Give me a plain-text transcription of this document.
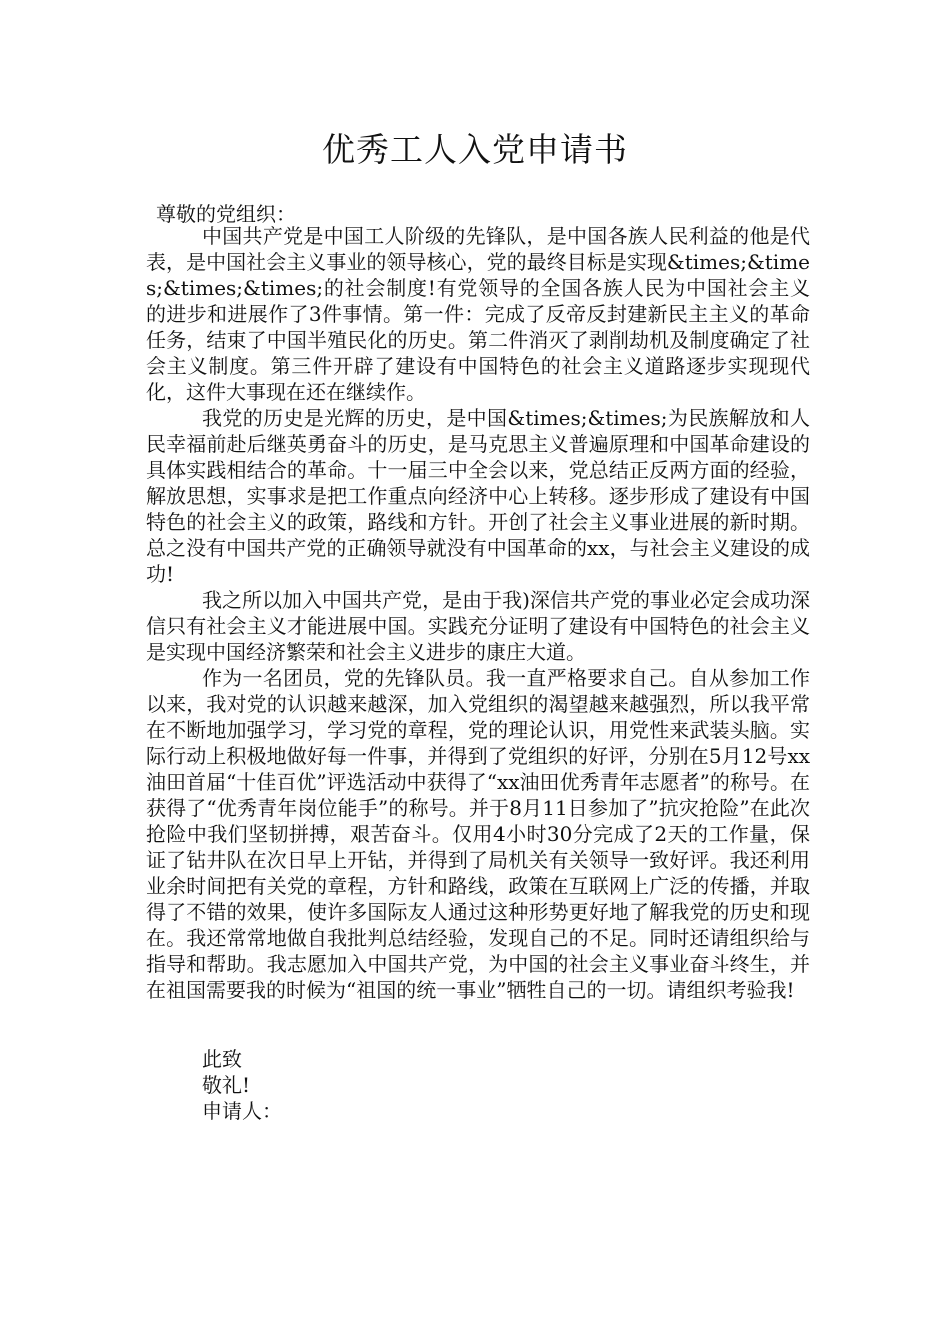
优秀工人入党申请书
尊敬的党组织：

中国共产党是中国工人阶级的先锋队，是中国各族人民利益的他是代表，是中国社会主义事业的领导核心，党的最终目标是实现&times;&times;&times;&times;的社会制度!有党领导的全国各族人民为中国社会主义的进步和进展作了3件事情。第一件：完成了反帝反封建新民主主义的革命任务，结束了中国半殖民化的历史。第二件消灭了剥削劫机及制度确定了社会主义制度。第三件开辟了建设有中国特色的社会主义道路逐步实现现代化，这件大事现在还在继续作。

我党的历史是光辉的历史，是中国&times;&times;为民族解放和人民幸福前赴后继英勇奋斗的历史，是马克思主义普遍原理和中国革命建设的具体实践相结合的革命。十一届三中全会以来，党总结正反两方面的经验，解放思想，实事求是把工作重点向经济中心上转移。逐步形成了建设有中国特色的社会主义的政策，路线和方针。开创了社会主义事业进展的新时期。总之没有中国共产党的正确领导就没有中国革命的xx，与社会主义建设的成功!

我之所以加入中国共产党，是由于我)深信共产党的事业必定会成功深信只有社会主义才能进展中国。实践充分证明了建设有中国特色的社会主义是实现中国经济繁荣和社会主义进步的康庄大道。

作为一名团员，党的先锋队员。我一直严格要求自己。自从参加工作以来，我对党的认识越来越深，加入党组织的渴望越来越强烈，所以我平常在不断地加强学习，学习党的章程，党的理论认识，用党性来武装头脑。实际行动上积极地做好每一件事，并得到了党组织的好评，分别在5月12号xx油田首届“十佳百优”评选活动中获得了“xx油田优秀青年志愿者”的称号。在获得了“优秀青年岗位能手”的称号。并于8月11日参加了”抗灾抢险”在此次抢险中我们坚韧拼搏，艰苦奋斗。仅用4小时30分完成了2天的工作量，保证了钻井队在次日早上开钻，并得到了局机关有关领导一致好评。我还利用业余时间把有关党的章程，方针和路线，政策在互联网上广泛的传播，并取得了不错的效果，使许多国际友人通过这种形势更好地了解我党的历史和现在。我还常常地做自我批判总结经验，发现自己的不足。同时还请组织给与指导和帮助。我志愿加入中国共产党，为中国的社会主义事业奋斗终生，并在祖国需要我的时候为“祖国的统一事业”牺牲自己的一切。请组织考验我!

此致
敬礼!
申请人：
